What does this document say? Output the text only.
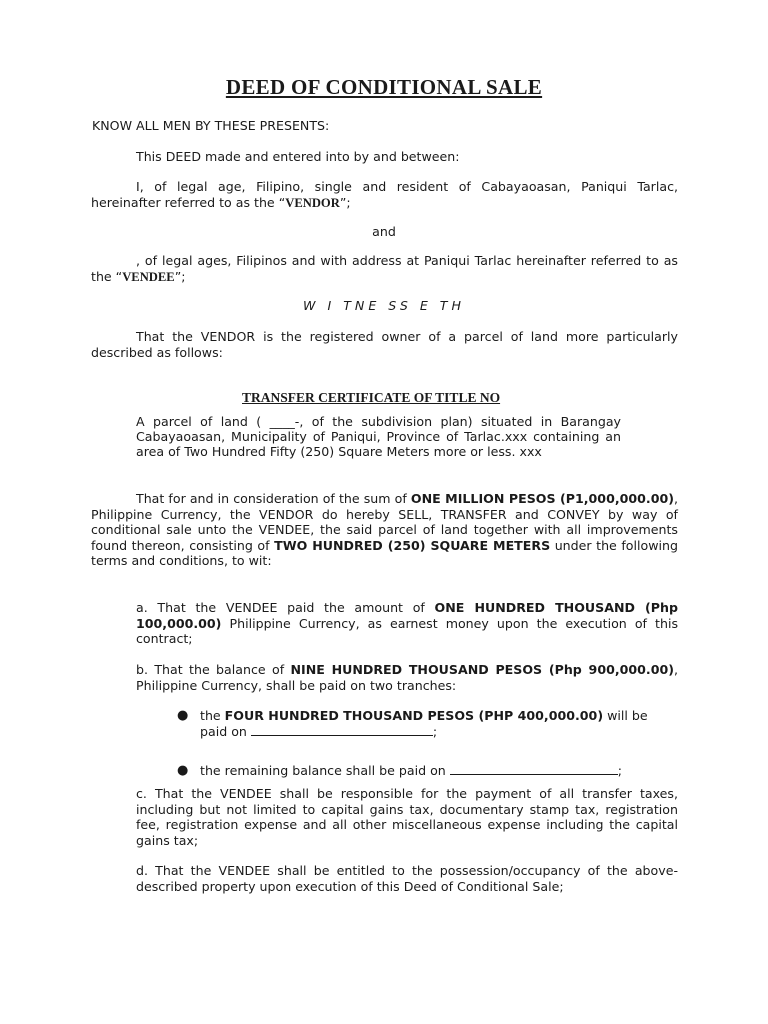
DEED OF CONDITIONAL SALE

KNOW ALL MEN BY THESE PRESENTS:

This DEED made and entered into by and between:

I, of legal age, Filipino, single and resident of Cabayaoasan, Paniqui Tarlac, hereinafter referred to as the “VENDOR”;

and

, of legal ages, Filipinos and with address at Paniqui Tarlac hereinafter referred to as the “VENDEE”;

W I TNE SS E TH

That the VENDOR is the registered owner of a parcel of land more particularly described as follows:

TRANSFER CERTIFICATE OF TITLE NO

A parcel of land ( ____-, of the subdivision plan) situated in Barangay Cabayaoasan, Municipality of Paniqui, Province of Tarlac.xxx containing an area of Two Hundred Fifty (250) Square Meters more or less. xxx

That for and in consideration of the sum of ONE MILLION PESOS (P1,000,000.00), Philippine Currency, the VENDOR do hereby SELL, TRANSFER and CONVEY by way of conditional sale unto the VENDEE, the said parcel of land together with all improvements found thereon, consisting of TWO HUNDRED (250) SQUARE METERS under the following terms and conditions, to wit:

a. That the VENDEE paid the amount of ONE HUNDRED THOUSAND (Php 100,000.00) Philippine Currency, as earnest money upon the execution of this contract;

b. That the balance of NINE HUNDRED THOUSAND PESOS (Php 900,000.00), Philippine Currency, shall be paid on two tranches:

● the FOUR HUNDRED THOUSAND PESOS (PHP 400,000.00) will be paid on	;
● the remaining balance shall be paid on	;

c. That the VENDEE shall be responsible for the payment of all transfer taxes, including but not limited to capital gains tax, documentary stamp tax, registration fee, registration expense and all other miscellaneous expense including the capital gains tax;

d. That the VENDEE shall be entitled to the possession/occupancy of the above-described property upon execution of this Deed of Conditional Sale;
